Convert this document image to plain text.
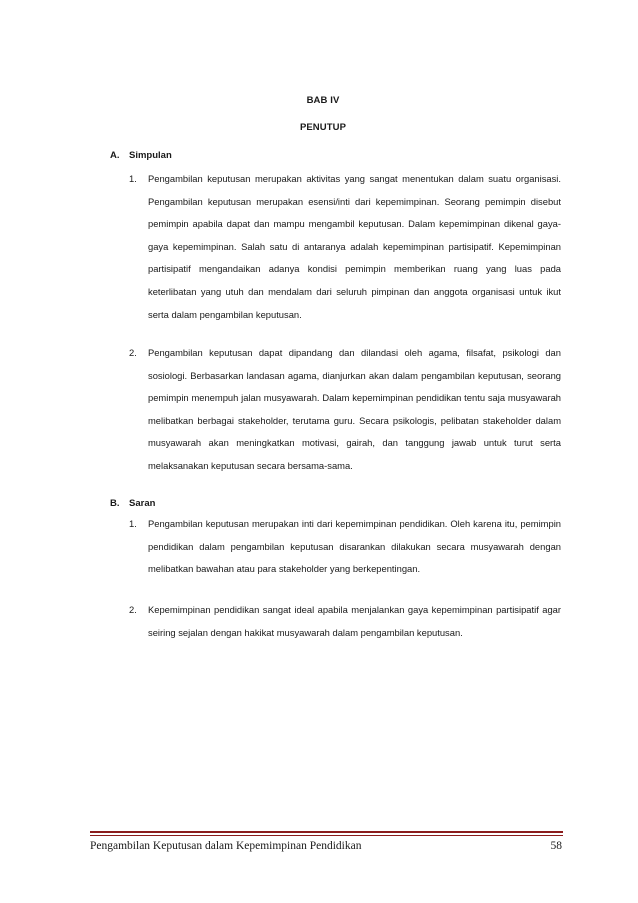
BAB IV
PENUTUP
A. Simpulan
1. Pengambilan keputusan merupakan aktivitas yang sangat menentukan dalam suatu organisasi. Pengambilan keputusan merupakan esensi/inti dari kepemimpinan. Seorang pemimpin disebut pemimpin apabila dapat dan mampu mengambil keputusan. Dalam kepemimpinan dikenal gaya-gaya kepemimpinan. Salah satu di antaranya adalah kepemimpinan partisipatif. Kepemimpinan partisipatif mengandaikan adanya kondisi pemimpin memberikan ruang yang luas pada keterlibatan yang utuh dan mendalam dari seluruh pimpinan dan anggota organisasi untuk ikut serta dalam pengambilan keputusan.
2. Pengambilan keputusan dapat dipandang dan dilandasi oleh agama, filsafat, psikologi dan sosiologi. Berbasarkan landasan agama, dianjurkan akan dalam pengambilan keputusan, seorang pemimpin menempuh jalan musyawarah. Dalam kepemimpinan pendidikan tentu saja musyawarah melibatkan berbagai stakeholder, terutama guru. Secara psikologis, pelibatan stakeholder dalam musyawarah akan meningkatkan motivasi, gairah, dan tanggung jawab untuk turut serta melaksanakan keputusan secara bersama-sama.
B. Saran
1. Pengambilan keputusan merupakan inti dari kepemimpinan pendidikan. Oleh karena itu, pemimpin pendidikan dalam pengambilan keputusan disarankan dilakukan secara musyawarah dengan melibatkan bawahan atau para stakeholder yang berkepentingan.
2. Kepemimpinan pendidikan sangat ideal apabila menjalankan gaya kepemimpinan partisipatif agar seiring sejalan dengan hakikat musyawarah dalam pengambilan keputusan.
Pengambilan Keputusan dalam Kepemimpinan Pendidikan	58
